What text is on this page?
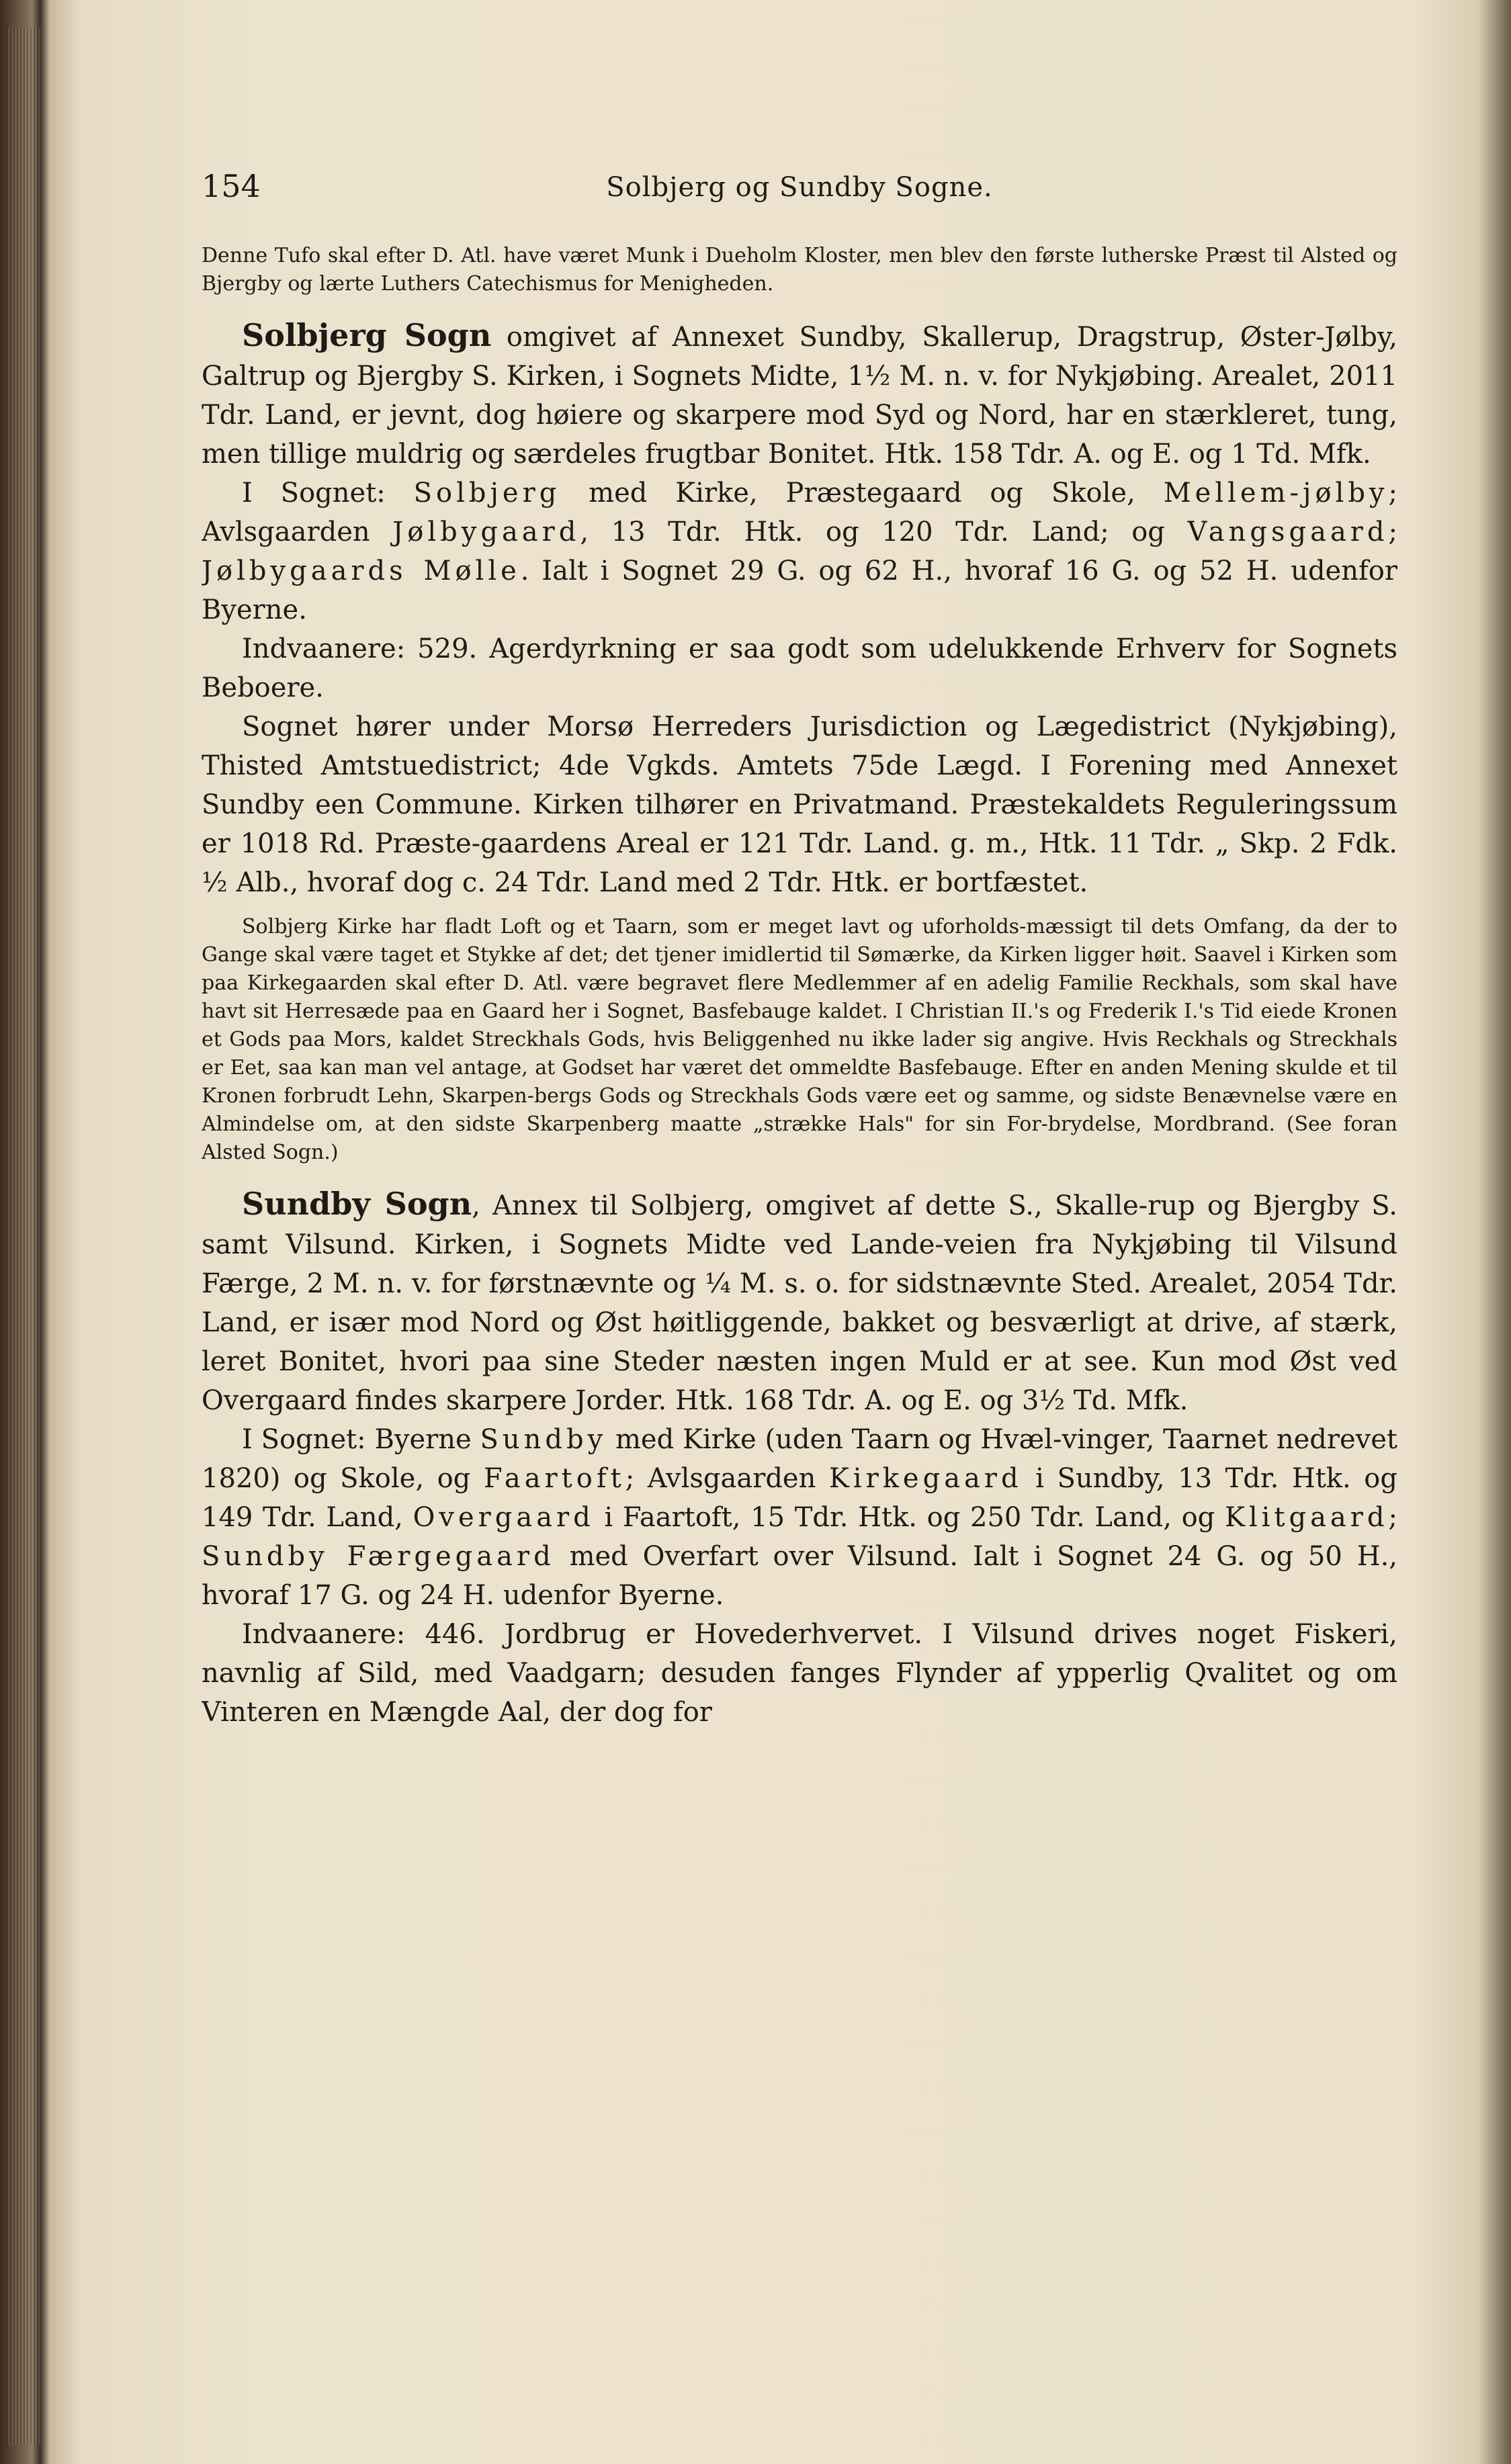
154	Solbjerg og Sundby Sogne.

Denne Tufo skal efter D. Atl. have været Munk i Dueholm Kloster, men blev den første lutherske Præst til Alsted og Bjergby og lærte Luthers Catechismus for Menigheden.

Solbjerg Sogn omgivet af Annexet Sundby, Skallerup, Dragstrup, Øster-Jølby, Galtrup og Bjergby S. Kirken, i Sognets Midte, 1½ M. n. v. for Nykjøbing. Arealet, 2011 Tdr. Land, er jevnt, dog høiere og skarpere mod Syd og Nord, har en stærkleret, tung, men tillige muldrig og særdeles frugtbar Bonitet. Htk. 158 Tdr. A. og E. og 1 Td. Mfk.

I Sognet: Solbjerg med Kirke, Præstegaard og Skole, Mellem-jølby; Avlsgaarden Jølbygaard, 13 Tdr. Htk. og 120 Tdr. Land; og Vangsgaard; Jølbygaards Mølle. Ialt i Sognet 29 G. og 62 H., hvoraf 16 G. og 52 H. udenfor Byerne.

Indvaanere: 529. Agerdyrkning er saa godt som udelukkende Erhverv for Sognets Beboere.

Sognet hører under Morsø Herreders Jurisdiction og Lægedistrict (Nykjøbing), Thisted Amtstuedistrict; 4de Vgkds. Amtets 75de Lægd. I Forening med Annexet Sundby een Commune. Kirken tilhører en Privatmand. Præstekaldets Reguleringssum er 1018 Rd. Præste-gaardens Areal er 121 Tdr. Land. g. m., Htk. 11 Tdr. „ Skp. 2 Fdk. ½ Alb., hvoraf dog c. 24 Tdr. Land med 2 Tdr. Htk. er bortfæstet.

Solbjerg Kirke har fladt Loft og et Taarn, som er meget lavt og uforholds-mæssigt til dets Omfang, da der to Gange skal være taget et Stykke af det; det tjener imidlertid til Sømærke, da Kirken ligger høit. Saavel i Kirken som paa Kirkegaarden skal efter D. Atl. være begravet flere Medlemmer af en adelig Familie Reckhals, som skal have havt sit Herresæde paa en Gaard her i Sognet, Basfebauge kaldet. I Christian II.'s og Frederik I.'s Tid eiede Kronen et Gods paa Mors, kaldet Streckhals Gods, hvis Beliggenhed nu ikke lader sig angive. Hvis Reckhals og Streckhals er Eet, saa kan man vel antage, at Godset har været det ommeldte Basfebauge. Efter en anden Mening skulde et til Kronen forbrudt Lehn, Skarpen-bergs Gods og Streckhals Gods være eet og samme, og sidste Benævnelse være en Almindelse om, at den sidste Skarpenberg maatte „strække Hals" for sin For-brydelse, Mordbrand. (See foran Alsted Sogn.)

Sundby Sogn, Annex til Solbjerg, omgivet af dette S., Skalle-rup og Bjergby S. samt Vilsund. Kirken, i Sognets Midte ved Lande-veien fra Nykjøbing til Vilsund Færge, 2 M. n. v. for førstnævnte og ¼ M. s. o. for sidstnævnte Sted. Arealet, 2054 Tdr. Land, er især mod Nord og Øst høitliggende, bakket og besværligt at drive, af stærk, leret Bonitet, hvori paa sine Steder næsten ingen Muld er at see. Kun mod Øst ved Overgaard findes skarpere Jorder. Htk. 168 Tdr. A. og E. og 3½ Td. Mfk.

I Sognet: Byerne Sundby med Kirke (uden Taarn og Hvæl-vinger, Taarnet nedrevet 1820) og Skole, og Faartoft; Avlsgaarden Kirkegaard i Sundby, 13 Tdr. Htk. og 149 Tdr. Land, Overgaard i Faartoft, 15 Tdr. Htk. og 250 Tdr. Land, og Klitgaard; Sundby Færgegaard med Overfart over Vilsund. Ialt i Sognet 24 G. og 50 H., hvoraf 17 G. og 24 H. udenfor Byerne.

Indvaanere: 446. Jordbrug er Hovederhvervet. I Vilsund drives noget Fiskeri, navnlig af Sild, med Vaadgarn; desuden fanges Flynder af ypperlig Qvalitet og om Vinteren en Mængde Aal, der dog for
